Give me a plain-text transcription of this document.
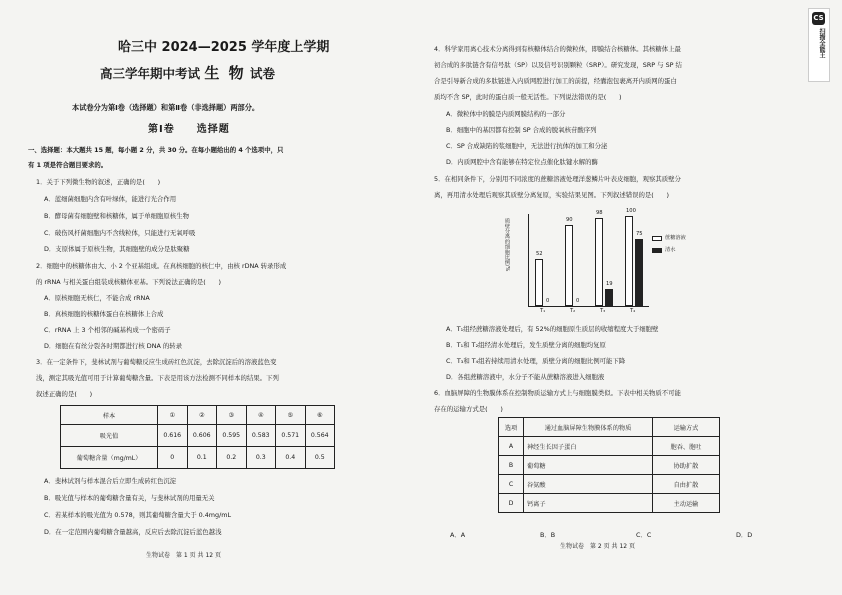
哈三中 2024—2025 学年度上学期
高三学年期中考试 生 物 试卷
本试卷分为第Ⅰ卷（选择题）和第Ⅱ卷（非选择题）两部分。
第Ⅰ卷　　选择题
一、选择题：本大题共 15 题，每小题 2 分，共 30 分。在每小题给出的 4 个选项中，只
有 1 项是符合题目要求的。
1．关于下列微生物的叙述，正确的是(　　)
A．蓝细菌细胞内含有叶绿体，能进行光合作用
B．酵母菌有细胞壁和核糖体，属于单细胞原核生物
C．破伤风杆菌细胞内不含线粒体，只能进行无氧呼吸
D．支原体属于原核生物，其细胞壁的成分是肽聚糖
2．细胞中的核糖体由大、小 2 个亚基组成。在真核细胞的核仁中，由核 rDNA 转录形成
的 rRNA 与相关蛋白组装成核糖体亚基。下列说法正确的是(　　)
A．原核细胞无核仁，不能合成 rRNA
B．真核细胞的核糖体蛋白在核糖体上合成
C．rRNA 上 3 个相邻的碱基构成一个密码子
D．细胞在有丝分裂各时期都进行核 DNA 的转录
3．在一定条件下，斐林试剂与葡萄糖反应生成砖红色沉淀，去除沉淀后的溶液蓝色变
浅，测定其吸光值可用于计算葡萄糖含量。下表是用该方法检测不同样本的结果。下列
叙述正确的是(　　)
样本	①	②	③	④	⑤	⑥
吸光值	0.616	0.606	0.595	0.583	0.571	0.564
葡萄糖含量（mg/mL）	0	0.1	0.2	0.3	0.4	0.5
A．斐林试剂与样本混合后立即生成砖红色沉淀
B．吸光值与样本的葡萄糖含量有关，与斐林试剂的用量无关
C．若某样本的吸光值为 0.578，则其葡萄糖含量大于 0.4mg/mL
D．在一定范围内葡萄糖含量越高，反应后去除沉淀后蓝色越浅
生物试卷　第 1 页 共 12 页
4．科学家用离心技术分离得到有核糖体结合的微粒体，即膜结合核糖体。其核糖体上最
初合成的多肽链含有信号肽（SP）以及信号识别颗粒（SRP）。研究发现，SRP 与 SP 结
合是引导新合成的多肽链进入内质网腔进行加工的前提，经囊泡包裹离开内质网的蛋白
质均不含 SP，此时的蛋白质一般无活性。下列说法错误的是(　　)
A．微粒体中的膜是内质网膜结构的一部分
B．细胞中的基因都有控制 SP 合成的脱氧核苷酸序列
C．SP 合成缺陷的浆细胞中，无法进行抗体的加工和分泌
D．内质网腔中含有能够在特定位点催化肽键水解的酶
5．在相同条件下，分别用不同浓度的蔗糖溶液处理洋葱鳞片叶表皮细胞，观察其质壁分
离，再用清水处理后观察其质壁分离复原，实验结果见图。下列叙述错误的是(　　)
质壁分离的细胞比例/%	52
0
90
0
98
19
100
75
T₁	T₂	T₃	T₄
蔗糖溶液
清水
A．T₁组经蔗糖溶液处理后，有 52%的细胞原生质层的收缩程度大于细胞壁
B．T₁和 T₂组经清水处理后，发生质壁分离的细胞均复原
C．T₃和 T₄组若持续用清水处理，质壁分离的细胞比例可能下降
D．各组蔗糖溶液中，水分子不能从蔗糖溶液进入细胞液
6．血脑屏障的生物膜体系在控制物质运输方式上与细胞膜类似。下表中相关物质不可能
存在的运输方式是(　　)
选项	通过血脑屏障生物膜体系的物质	运输方式
A	神经生长因子蛋白	胞吞、胞吐
B	葡萄糖	协助扩散
C	谷氨酸	自由扩散
D	钙离子	主动运输
A．A	B．B	C．C	D．D
生物试卷　第 2 页 共 12 页
CS
扫描全能王
